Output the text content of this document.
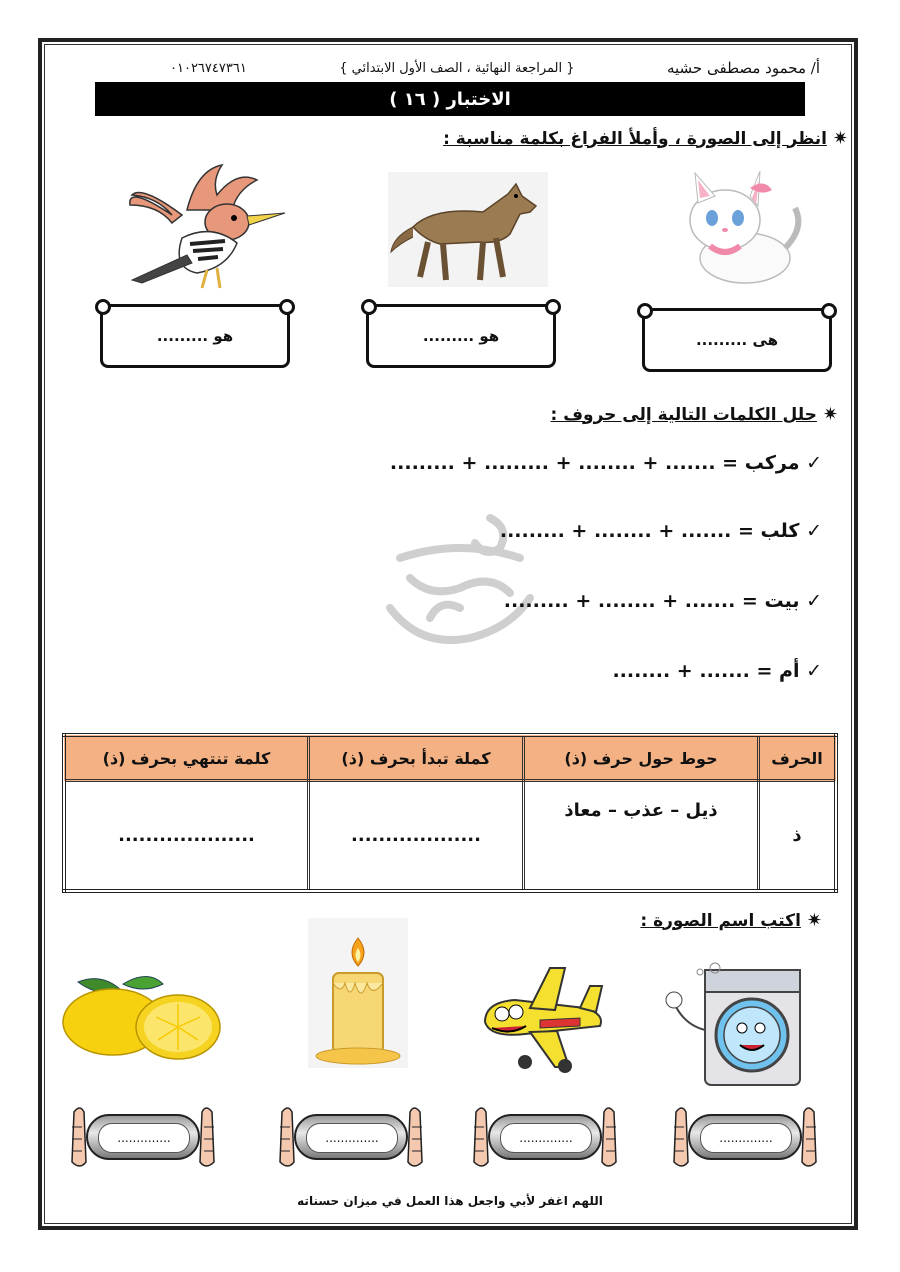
أ/ محمود مصطفى حشيه
{ المراجعة النهائية ، الصف الأول الابتدائي }
٠١٠٢٦٧٤٧٣٦١
الاختبار ( ١٦ )
✷
انظر إلى الصورة ، وأملأ الفراغ بكلمة مناسبة :
هى .........
هو .........
هو .........
✷
حلل الكلمات التالية إلى حروف :
✓ مركب = ....... + ........ + ......... + .........
✓ كلب = ....... + ........ + .........
✓ بيت = ....... + ........ + .........
✓ أم = ....... + ........
الحرف	حوط حول حرف (ذ)	كملة تبدأ بحرف (ذ)	كلمة تنتهي بحرف (ذ)
ذ	ذيل – عذب – معاذ	...................	....................
✷
اكتب اسم الصورة :
..............
..............
..............
..............
اللهم اغفر لأبي واجعل هذا العمل في ميزان حسناته
